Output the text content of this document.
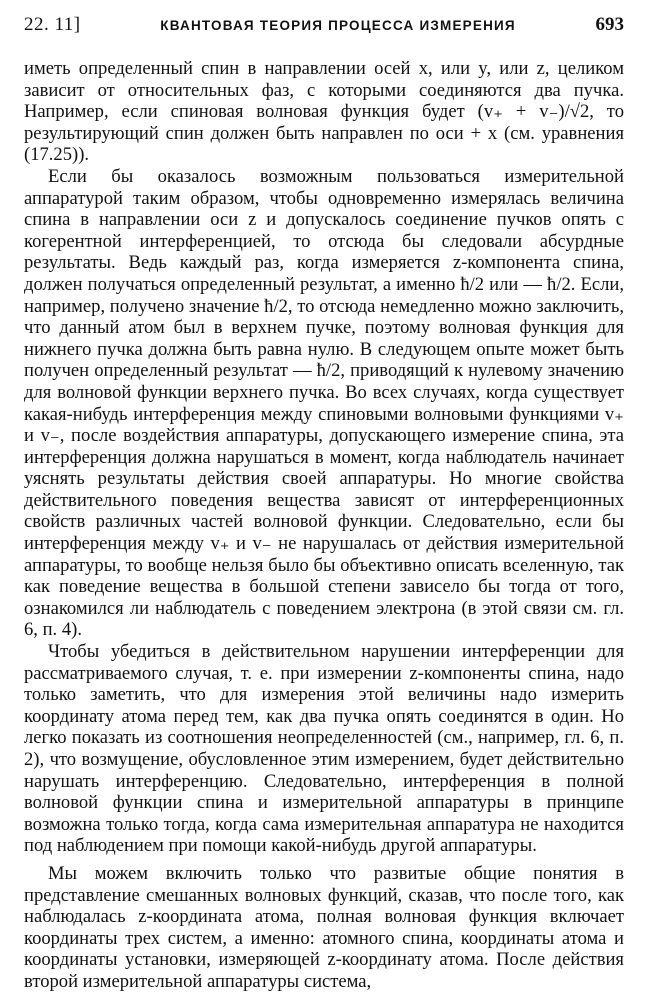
22. 11]	КВАНТОВАЯ ТЕОРИЯ ПРОЦЕССА ИЗМЕРЕНИЯ	693

иметь определенный спин в направлении осей x, или y, или z, целиком зависит от относительных фаз, с которыми соединяются два пучка. Например, если спиновая волновая функция будет (v₊ + v₋)/√2, то результирующий спин должен быть направлен по оси + x (см. уравнения (17.25)).

Если бы оказалось возможным пользоваться измерительной аппаратурой таким образом, чтобы одновременно измерялась величина спина в направлении оси z и допускалось соединение пучков опять с когерентной интерференцией, то отсюда бы следовали абсурдные результаты. Ведь каждый раз, когда измеряется z-компонента спина, должен получаться определенный результат, а именно ħ/2 или — ħ/2. Если, например, получено значение ħ/2, то отсюда немедленно можно заключить, что данный атом был в верхнем пучке, поэтому волновая функция для нижнего пучка должна быть равна нулю. В следующем опыте может быть получен определенный результат — ħ/2, приводящий к нулевому значению для волновой функции верхнего пучка. Во всех случаях, когда существует какая-нибудь интерференция между спиновыми волновыми функциями v₊ и v₋, после воздействия аппаратуры, допускающего измерение спина, эта интерференция должна нарушаться в момент, когда наблюдатель начинает уяснять результаты действия своей аппаратуры. Но многие свойства действительного поведения вещества зависят от интерференционных свойств различных частей волновой функции. Следовательно, если бы интерференция между v₊ и v₋ не нарушалась от действия измерительной аппаратуры, то вообще нельзя было бы объективно описать вселенную, так как поведение вещества в большой степени зависело бы тогда от того, ознакомился ли наблюдатель с поведением электрона (в этой связи см. гл. 6, п. 4).

Чтобы убедиться в действительном нарушении интерференции для рассматриваемого случая, т. е. при измерении z-компоненты спина, надо только заметить, что для измерения этой величины надо измерить координату атома перед тем, как два пучка опять соединятся в один. Но легко показать из соотношения неопределенностей (см., например, гл. 6, п. 2), что возмущение, обусловленное этим измерением, будет действительно нарушать интерференцию. Следовательно, интерференция в полной волновой функции спина и измерительной аппаратуры в принципе возможна только тогда, когда сама измерительная аппаратура не находится под наблюдением при помощи какой-нибудь другой аппаратуры.

Мы можем включить только что развитые общие понятия в представление смешанных волновых функций, сказав, что после того, как наблюдалась z-координата атома, полная волновая функция включает координаты трех систем, а именно: атомного спина, координаты атома и координаты установки, измеряющей z-координату атома. После действия второй измерительной аппаратуры система,
